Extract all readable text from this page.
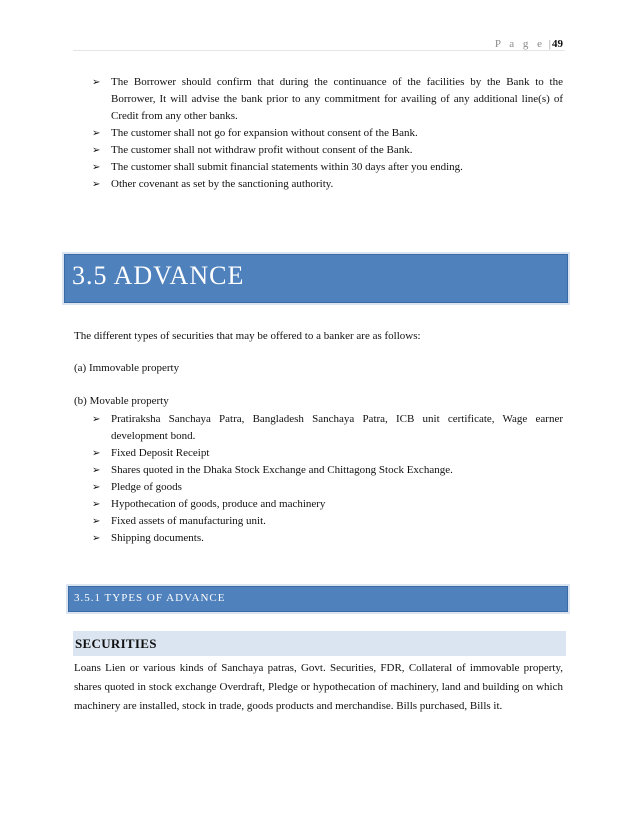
P a g e |49
➢ The Borrower should confirm that during the continuance of the facilities by the Bank to the Borrower, It will advise the bank prior to any commitment for availing of any additional line(s) of Credit from any other banks.
➢ The customer shall not go for expansion without consent of the Bank.
➢ The customer shall not withdraw profit without consent of the Bank.
➢ The customer shall submit financial statements within 30 days after you ending.
➢ Other covenant as set by the sanctioning authority.
3.5 ADVANCE

The different types of securities that may be offered to a banker are as follows:

(a) Immovable property

(b) Movable property

➢ Pratiraksha Sanchaya Patra, Bangladesh Sanchaya Patra, ICB unit certificate, Wage earner development bond.
➢ Fixed Deposit Receipt
➢ Shares quoted in the Dhaka Stock Exchange and Chittagong Stock Exchange.
➢ Pledge of goods
➢ Hypothecation of goods, produce and machinery
➢ Fixed assets of manufacturing unit.
➢ Shipping documents.
3.5.1 TYPES OF ADVANCE
SECURITIES

Loans Lien or various kinds of Sanchaya patras, Govt. Securities, FDR, Collateral of immovable property, shares quoted in stock exchange Overdraft, Pledge or hypothecation of machinery, land and building on which machinery are installed, stock in trade, goods products and merchandise. Bills purchased, Bills it.
